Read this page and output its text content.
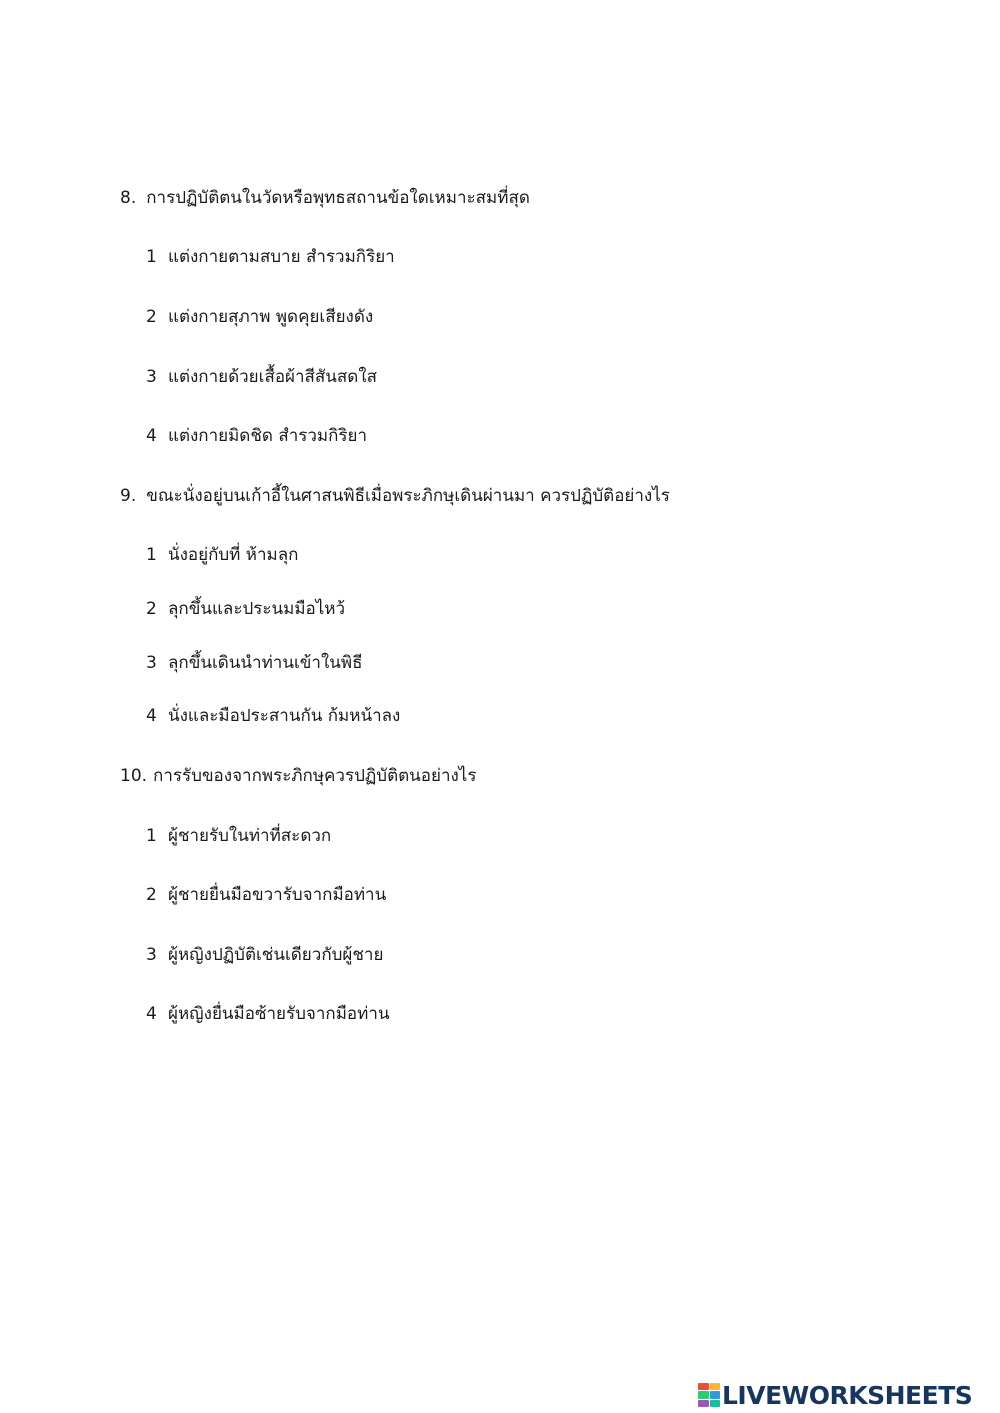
8. การปฏิบัติตนในวัดหรือพุทธสถานข้อใดเหมาะสมที่สุด
1 แต่งกายตามสบาย สำรวมกิริยา
2 แต่งกายสุภาพ พูดคุยเสียงดัง
3 แต่งกายด้วยเสื้อผ้าสีสันสดใส
4 แต่งกายมิดชิด สำรวมกิริยา
9. ขณะนั่งอยู่บนเก้าอี้ในศาสนพิธีเมื่อพระภิกษุเดินผ่านมา ควรปฏิบัติอย่างไร
1 นั่งอยู่กับที่ ห้ามลุก
2 ลุกขึ้นและประนมมือไหว้
3 ลุกขึ้นเดินนำท่านเข้าในพิธี
4 นั่งและมือประสานกัน ก้มหน้าลง
10. การรับของจากพระภิกษุควรปฏิบัติตนอย่างไร
1 ผู้ชายรับในท่าที่สะดวก
2 ผู้ชายยื่นมือขวารับจากมือท่าน
3 ผู้หญิงปฏิบัติเช่นเดียวกับผู้ชาย
4 ผู้หญิงยื่นมือซ้ายรับจากมือท่าน
LIVEWORKSHEETS
